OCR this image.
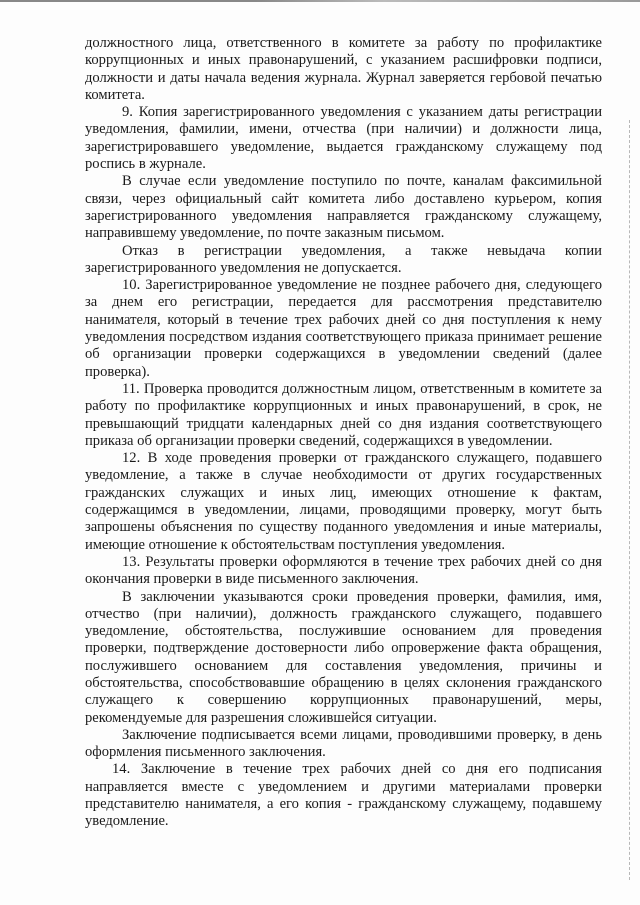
должностного лица, ответственного в комитете за работу по профилактике коррупционных и иных правонарушений, с указанием расшифровки подписи, должности и даты начала ведения журнала. Журнал заверяется гербовой печатью комитета.

9. Копия зарегистрированного уведомления с указанием даты регистрации уведомления, фамилии, имени, отчества (при наличии) и должности лица, зарегистрировавшего уведомление, выдается гражданскому служащему под роспись в журнале.

В случае если уведомление поступило по почте, каналам факсимильной связи, через официальный сайт комитета либо доставлено курьером, копия зарегистрированного уведомления направляется гражданскому служащему, направившему уведомление, по почте заказным письмом.

Отказ в регистрации уведомления, а также невыдача копии зарегистрированного уведомления не допускается.

10. Зарегистрированное уведомление не позднее рабочего дня, следующего за днем его регистрации, передается для рассмотрения представителю нанимателя, который в течение трех рабочих дней со дня поступления к нему уведомления посредством издания соответствующего приказа принимает решение об организации проверки содержащихся в уведомлении сведений (далее проверка).

11. Проверка проводится должностным лицом, ответственным в комитете за работу по профилактике коррупционных и иных правонарушений, в срок, не превышающий тридцати календарных дней со дня издания соответствующего приказа об организации проверки сведений, содержащихся в уведомлении.

12. В ходе проведения проверки от гражданского служащего, подавшего уведомление, а также в случае необходимости от других государственных гражданских служащих и иных лиц, имеющих отношение к фактам, содержащимся в уведомлении, лицами, проводящими проверку, могут быть запрошены объяснения по существу поданного уведомления и иные материалы, имеющие отношение к обстоятельствам поступления уведомления.

13. Результаты проверки оформляются в течение трех рабочих дней со дня окончания проверки в виде письменного заключения.

В заключении указываются сроки проведения проверки, фамилия, имя, отчество (при наличии), должность гражданского служащего, подавшего уведомление, обстоятельства, послужившие основанием для проведения проверки, подтверждение достоверности либо опровержение факта обращения, послужившего основанием для составления уведомления, причины и обстоятельства, способствовавшие обращению в целях склонения гражданского служащего к совершению коррупционных правонарушений, меры, рекомендуемые для разрешения сложившейся ситуации.

Заключение подписывается всеми лицами, проводившими проверку, в день оформления письменного заключения.

14. Заключение в течение трех рабочих дней со дня его подписания направляется вместе с уведомлением и другими материалами проверки представителю нанимателя, а его копия - гражданскому служащему, подавшему уведомление.
